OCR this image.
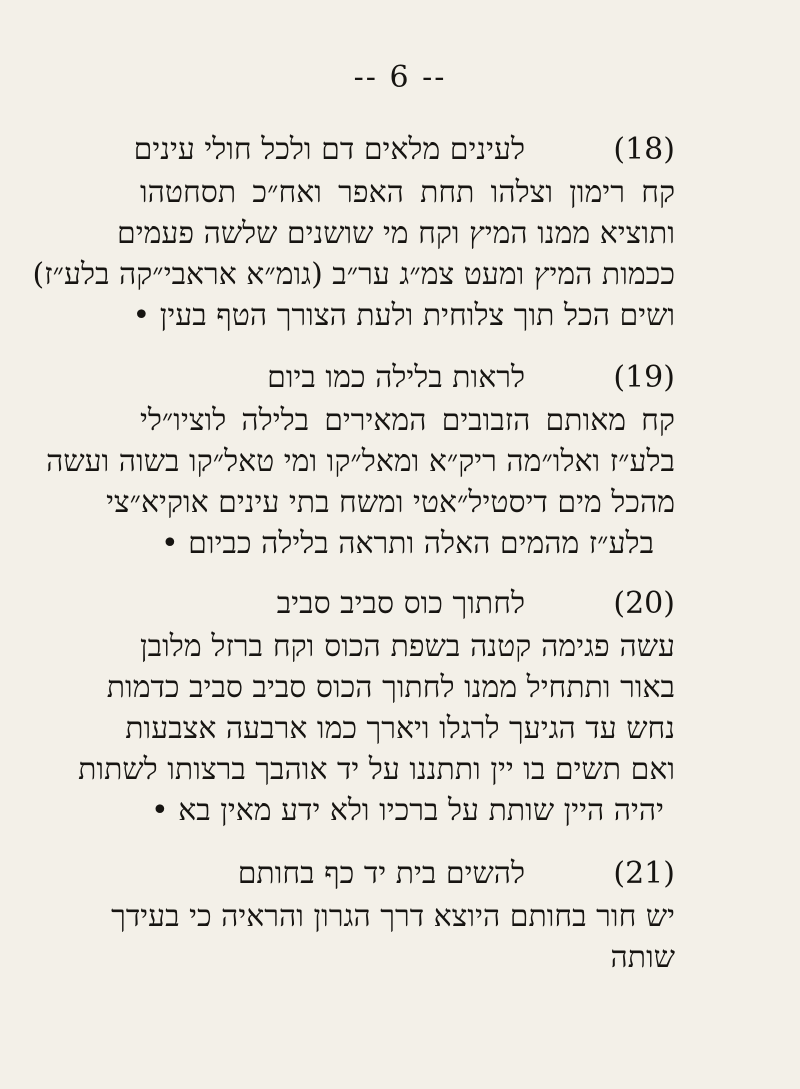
-- 6 --
(18)
לעינים מלאים דם ולכל חולי עינים
קח רימון וצלהו תחת האפר ואח״כ תסחטהו
ותוציא ממנו המיץ וקח מי שושנים שלשה פעמים
ככמות המיץ ומעט צמ״ג ער״ב (גומ״א אראבי״קה בלע״ז)
ושים הכל תוך צלוחית ולעת הצורך הטף בעין •
(19)
לראות בלילה כמו ביום
קח מאותם הזבובים המאירים בלילה לוציו״לי
בלע״ז ואלו״מה ריק״א ומאל״קו ומי טאל״קו בשוה ועשה
מהכל מים דיסטיל״אטי ומשח בתי עינים אוקיא״צי
בלע״ז מהמים האלה ותראה בלילה כביום •
(20)
לחתוך כוס סביב סביב
עשה פגימה קטנה בשפת הכוס וקח ברזל מלובן
באור ותתחיל ממנו לחתוך הכוס סביב סביב כדמות
נחש עד הגיעך לרגלו ויארך כמו ארבעה אצבעות
ואם תשים בו יין ותתננו על יד אוהבך ברצותו לשתות
יהיה היין שותת על ברכיו ולא ידע מאין בא •
(21)
להשים בית יד כף בחותם
יש חור בחותם היוצא דרך הגרון והראיה כי בעידך
שותה
